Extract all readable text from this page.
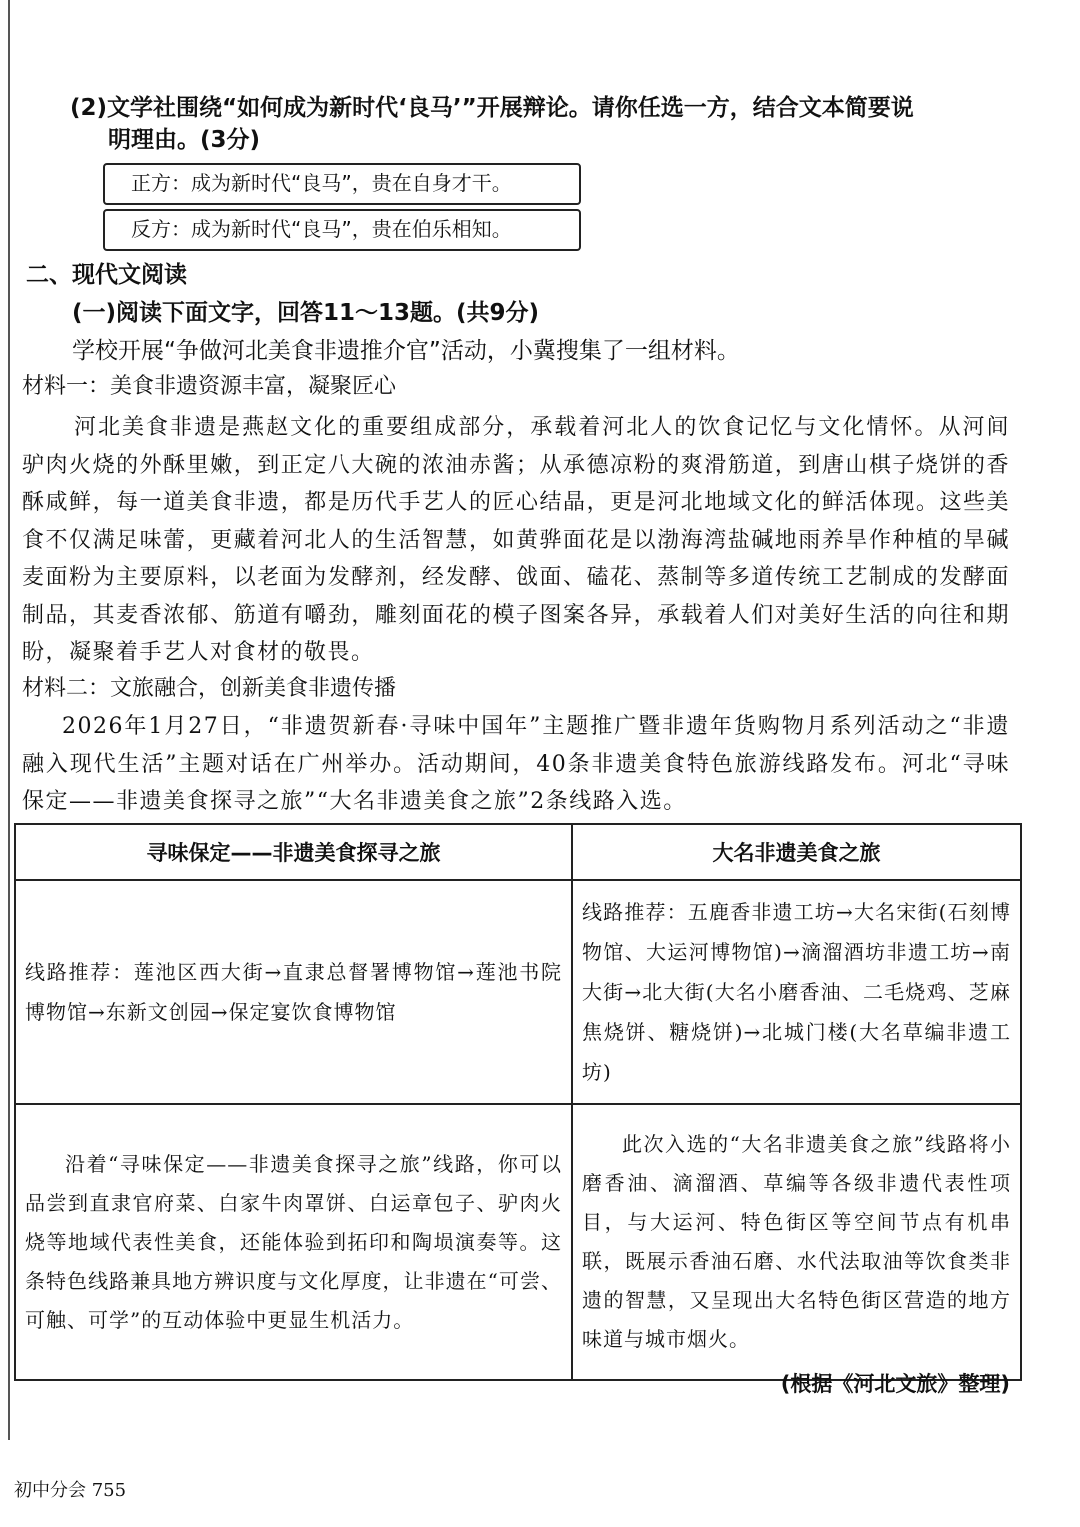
(2)文学社围绕“如何成为新时代‘良马’”开展辩论。请你任选一方，结合文本简要说
明理由。(3分)
正方：成为新时代“良马”，贵在自身才干。
反方：成为新时代“良马”，贵在伯乐相知。
二、现代文阅读
(一)阅读下面文字，回答11～13题。(共9分)
学校开展“争做河北美食非遗推介官”活动，小冀搜集了一组材料。
材料一：美食非遗资源丰富，凝聚匠心
河北美食非遗是燕赵文化的重要组成部分，承载着河北人的饮食记忆与文化情怀。从河间驴肉火烧的外酥里嫩，到正定八大碗的浓油赤酱；从承德凉粉的爽滑筋道，到唐山棋子烧饼的香酥咸鲜，每一道美食非遗，都是历代手艺人的匠心结晶，更是河北地域文化的鲜活体现。这些美食不仅满足味蕾，更藏着河北人的生活智慧，如黄骅面花是以渤海湾盐碱地雨养旱作种植的旱碱麦面粉为主要原料，以老面为发酵剂，经发酵、戗面、磕花、蒸制等多道传统工艺制成的发酵面制品，其麦香浓郁、筋道有嚼劲，雕刻面花的模子图案各异，承载着人们对美好生活的向往和期盼，凝聚着手艺人对食材的敬畏。
材料二：文旅融合，创新美食非遗传播
2026年1月27日，“非遗贺新春·寻味中国年”主题推广暨非遗年货购物月系列活动之“非遗融入现代生活”主题对话在广州举办。活动期间，40条非遗美食特色旅游线路发布。河北“寻味保定——非遗美食探寻之旅”“大名非遗美食之旅”2条线路入选。
寻味保定——非遗美食探寻之旅	大名非遗美食之旅

线路推荐：莲池区西大街→直隶总督署博物馆→莲池书院博物馆→东新文创园→保定宴饮食博物馆	线路推荐：五鹿香非遗工坊→大名宋街(石刻博物馆、大运河博物馆)→滴溜酒坊非遗工坊→南大街→北大街(大名小磨香油、二毛烧鸡、芝麻焦烧饼、糖烧饼)→北城门楼(大名草编非遗工坊)

沿着“寻味保定——非遗美食探寻之旅”线路，你可以品尝到直隶官府菜、白家牛肉罩饼、白运章包子、驴肉火烧等地域代表性美食，还能体验到拓印和陶埙演奏等。这条特色线路兼具地方辨识度与文化厚度，让非遗在“可尝、可触、可学”的互动体验中更显生机活力。	此次入选的“大名非遗美食之旅”线路将小磨香油、滴溜酒、草编等各级非遗代表性项目，与大运河、特色街区等空间节点有机串联，既展示香油石磨、水代法取油等饮食类非遗的智慧，又呈现出大名特色街区营造的地方味道与城市烟火。
(根据《河北文旅》整理)
初中分会 755
